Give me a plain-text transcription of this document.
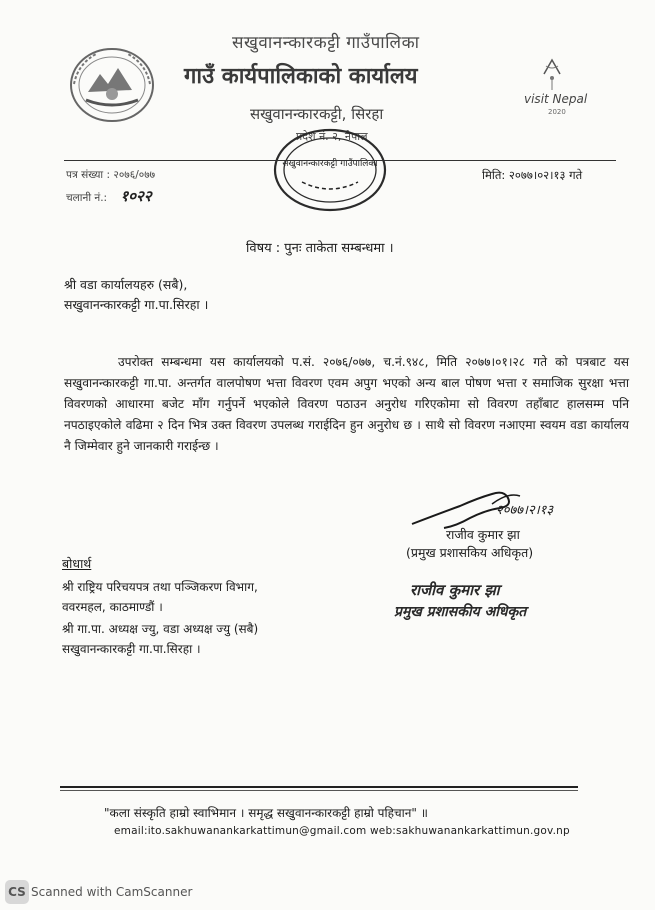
सखुवानन्कारकट्टी गाउँपालिका
गाउँ कार्यपालिकाको कार्यालय
सखुवानन्कारकट्टी, सिरहा
प्रदेश नं. २, नेपाल
visit Nepal
2020
सखुवानन्कारकट्टी गाउँपालिका
पत्र संख्या : २०७६/०७७
चलानी नं.: १०२२
मिति: २०७७।०२।१३ गते
विषय : पुनः ताकेता सम्बन्धमा ।
श्री वडा कार्यालयहरु (सबै),
सखुवानन्कारकट्टी गा.पा.सिरहा ।
उपरोक्त सम्बन्धमा यस कार्यालयको प.सं. २०७६/०७७, च.नं.९४८, मिति २०७७।०१।२८ गते को पत्रबाट यस सखुवानन्कारकट्टी गा.पा. अन्तर्गत वालपोषण भत्ता विवरण एवम अपुग भएको अन्य बाल पोषण भत्ता र समाजिक सुरक्षा भत्ता विवरणको आधारमा बजेट माँग गर्नुपर्ने भएकोले विवरण पठाउन अनुरोध गरिएकोमा सो विवरण तहाँबाट हालसम्म पनि नपठाइएकोले वढिमा २ दिन भित्र उक्त विवरण उपलब्ध गराईदिन हुन अनुरोध छ । साथै सो विवरण नआएमा स्वयम वडा कार्यालय नै जिम्मेवार हुने जानकारी गराईन्छ ।
२०७७।२।१३
राजीव कुमार झा
(प्रमुख प्रशासकिय अधिकृत)
बोधार्थ
श्री राष्ट्रिय परिचयपत्र तथा पञ्जिकरण विभाग,
ववरमहल, काठमाण्डौं ।
श्री गा.पा. अध्यक्ष ज्यु, वडा अध्यक्ष ज्यु (सबै)
सखुवानन्कारकट्टी गा.पा.सिरहा ।
राजीव कुमार झा
प्रमुख प्रशासकीय अधिकृत
"कला संस्कृति हाम्रो स्वाभिमान । समृद्ध सखुवानन्कारकट्टी हाम्रो पहिचान" ॥
email:ito.sakhuwanankarkattimun@gmail.com web:sakhuwanankarkattimun.gov.np
CS Scanned with CamScanner
